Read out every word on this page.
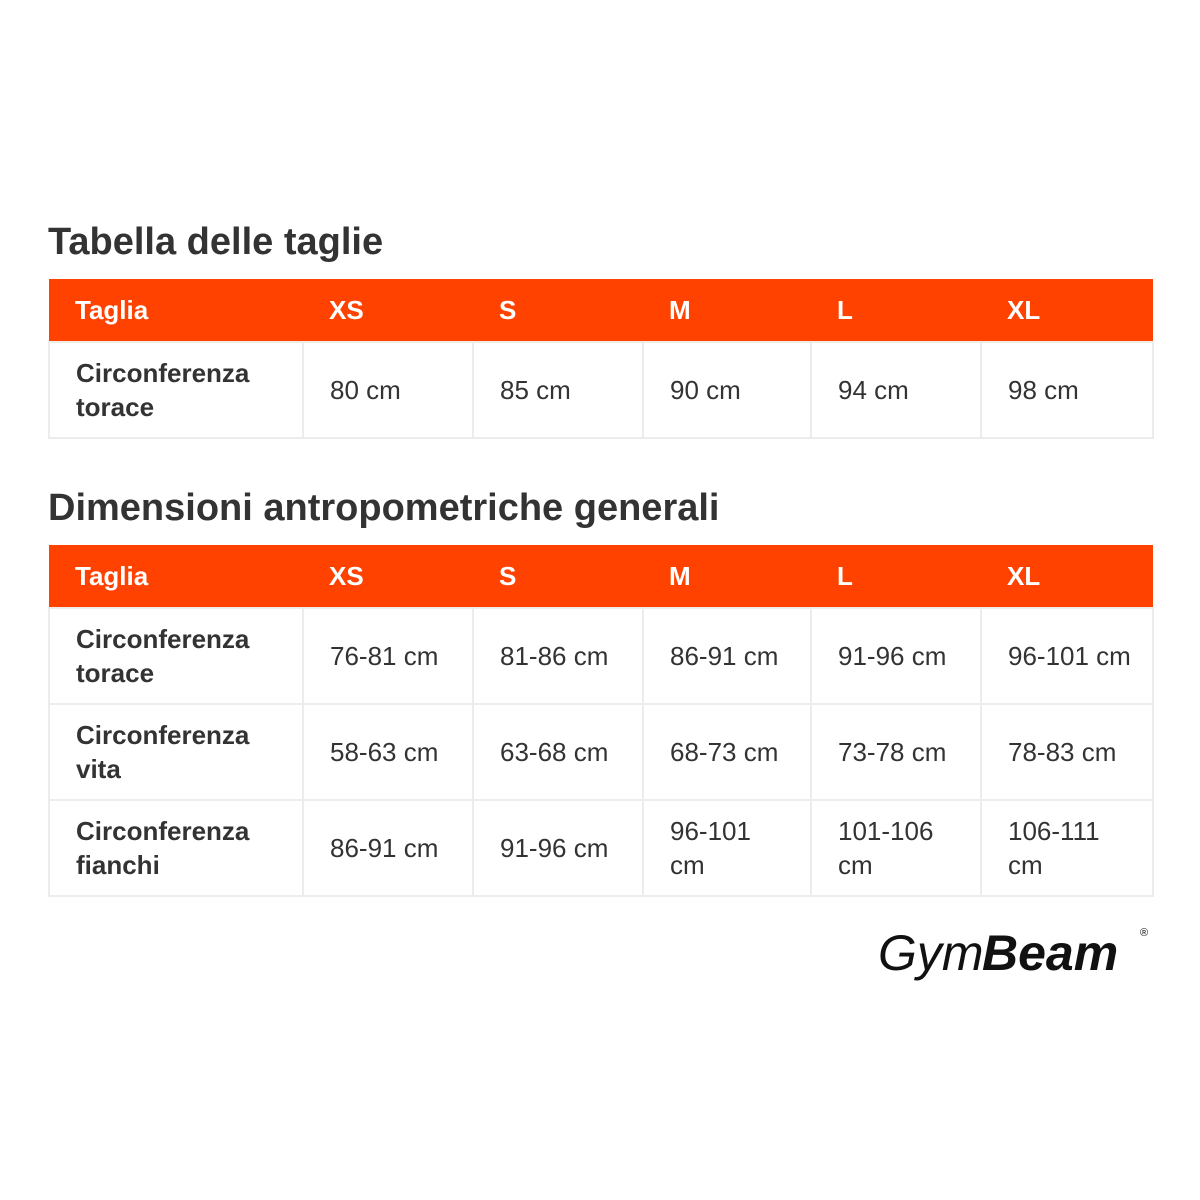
Tabella delle taglie
Taglia	XS	S	M	L	XL
Circonferenza torace	80 cm	85 cm	90 cm	94 cm	98 cm
Dimensioni antropometriche generali
Taglia	XS	S	M	L	XL
Circonferenza torace	76-81 cm	81-86 cm	86-91 cm	91-96 cm	96-101 cm
Circonferenza vita	58-63 cm	63-68 cm	68-73 cm	73-78 cm	78-83 cm
Circonferenza fianchi	86-91 cm	91-96 cm	96-101 cm	101-106 cm	106-111 cm
Gym
Beam ®
